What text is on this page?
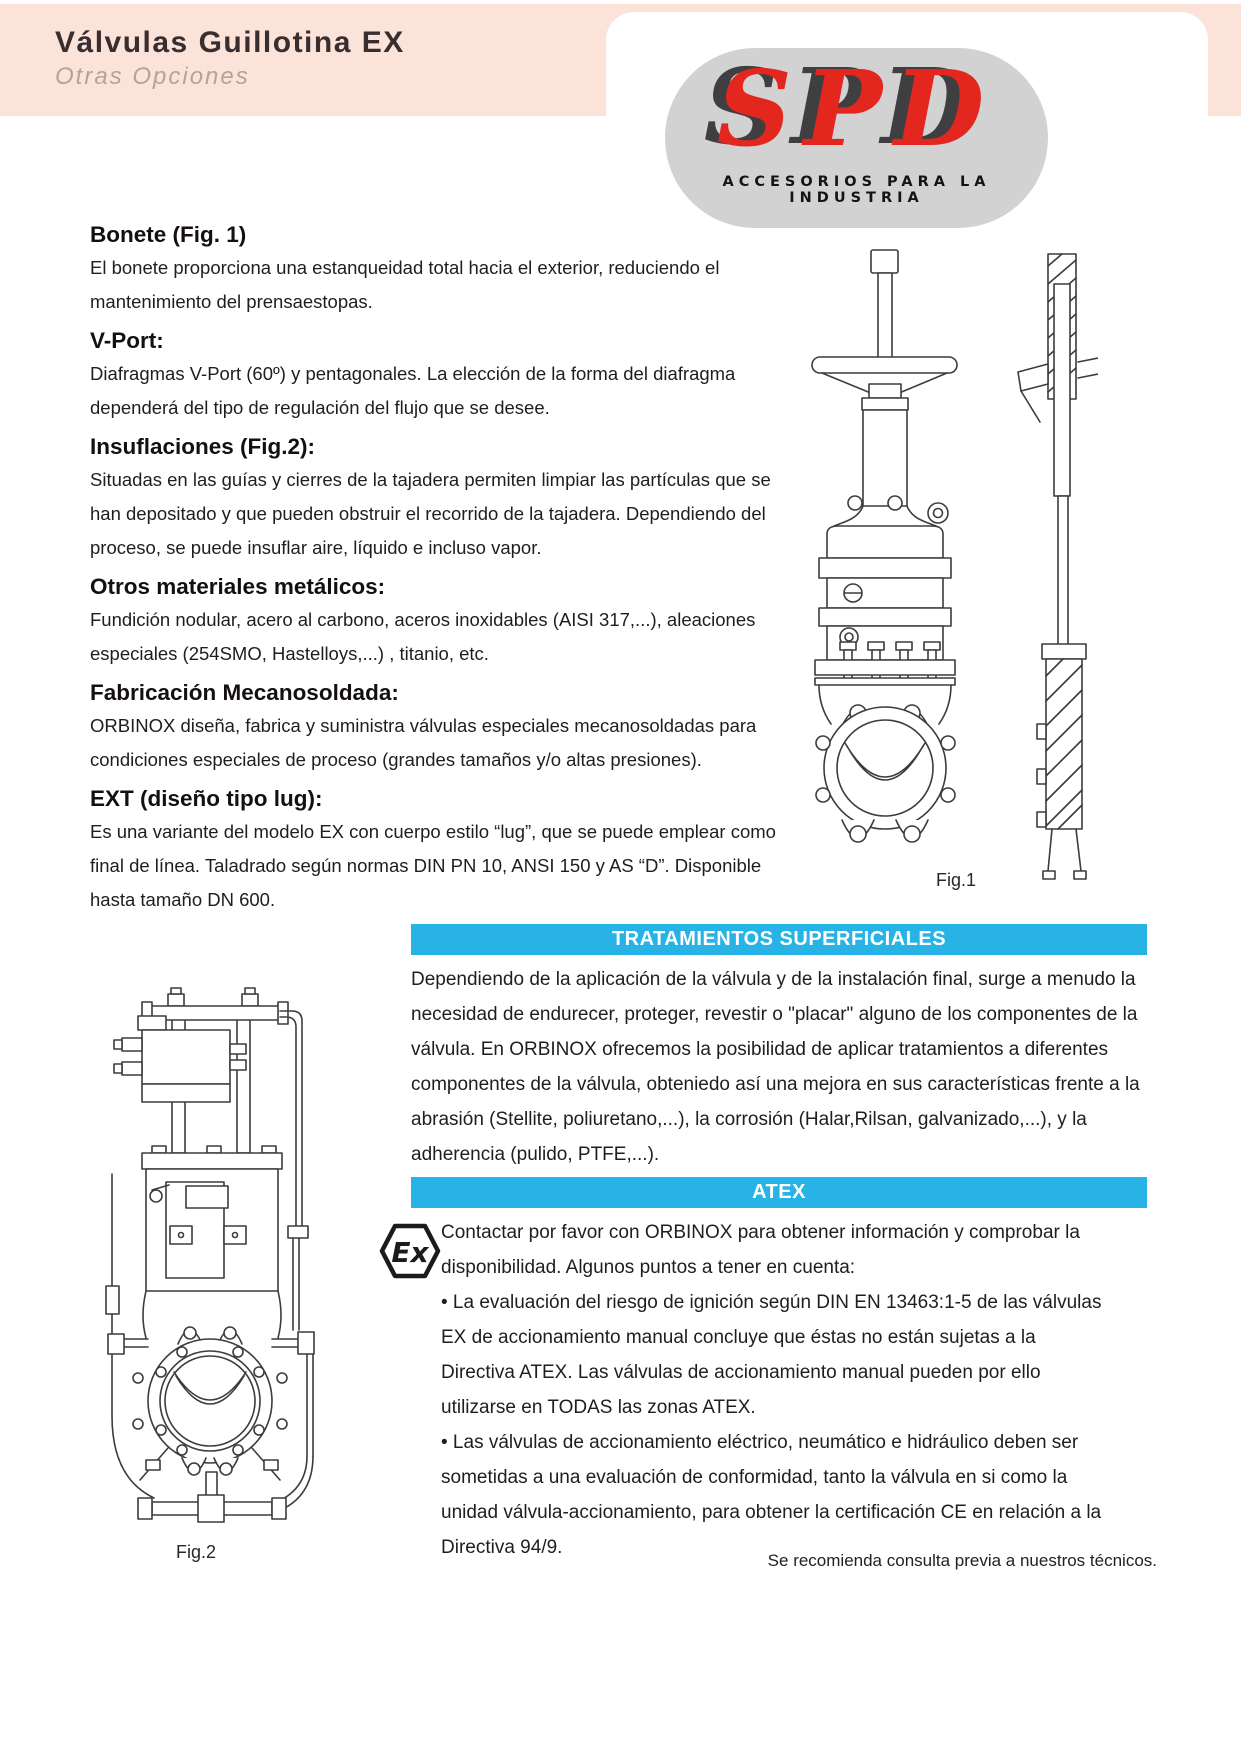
Válvulas Guillotina EX
Otras Opciones	SPD
ACCESORIOS PARA LA INDUSTRIA
Bonete (Fig. 1)

El bonete proporciona una estanqueidad total hacia el exterior, reduciendo el mantenimiento del prensaestopas.

V-Port:

Diafragmas V-Port (60º) y pentagonales. La elección de la forma del diafragma dependerá del tipo de regulación del flujo que se desee.

Insuflaciones (Fig.2):

Situadas en las guías y cierres de la tajadera permiten limpiar las partículas que se han depositado y que pueden obstruir el recorrido de la tajadera. Dependiendo del proceso, se puede insuflar aire, líquido e incluso vapor.

Otros materiales metálicos:

Fundición nodular, acero al carbono, aceros inoxidables (AISI 317,...), aleaciones especiales (254SMO, Hastelloys,...) , titanio, etc.

Fabricación Mecanosoldada:

ORBINOX diseña, fabrica y suministra válvulas especiales mecanosoldadas para condiciones especiales de proceso (grandes tamaños y/o altas presiones).

EXT (diseño tipo lug):

Es una variante del modelo EX con cuerpo estilo “lug”, que se puede emplear como final de línea. Taladrado según normas DIN PN 10, ANSI 150 y AS “D”. Disponible hasta tamaño DN 600.

Fig.1
Fig.2
TRATAMIENTOS SUPERFICIALES

Dependiendo de la aplicación de la válvula y de la instalación final, surge a menudo la necesidad de endurecer, proteger, revestir o "placar" alguno de los componentes de la válvula. En ORBINOX ofrecemos la posibilidad de aplicar tratamientos a diferentes componentes de la válvula, obteniedo así una mejora en sus características frente a la abrasión (Stellite, poliuretano,...), la corrosión (Halar,Rilsan, galvanizado,...), y la adherencia (pulido, PTFE,...).

ATEX
Ex

Contactar por favor con ORBINOX para obtener información y comprobar la disponibilidad. Algunos puntos a tener en cuenta:

• La evaluación del riesgo de ignición según DIN EN 13463:1-5 de las válvulas EX de accionamiento manual concluye que éstas no están sujetas a la Directiva ATEX. Las válvulas de accionamiento manual pueden por ello utilizarse en TODAS las zonas ATEX.

• Las válvulas de accionamiento eléctrico, neumático e hidráulico deben ser sometidas a una evaluación de conformidad, tanto la válvula en si como la unidad válvula-accionamiento, para obtener la certificación CE en relación a la Directiva 94/9.

Se recomienda consulta previa a nuestros técnicos.
